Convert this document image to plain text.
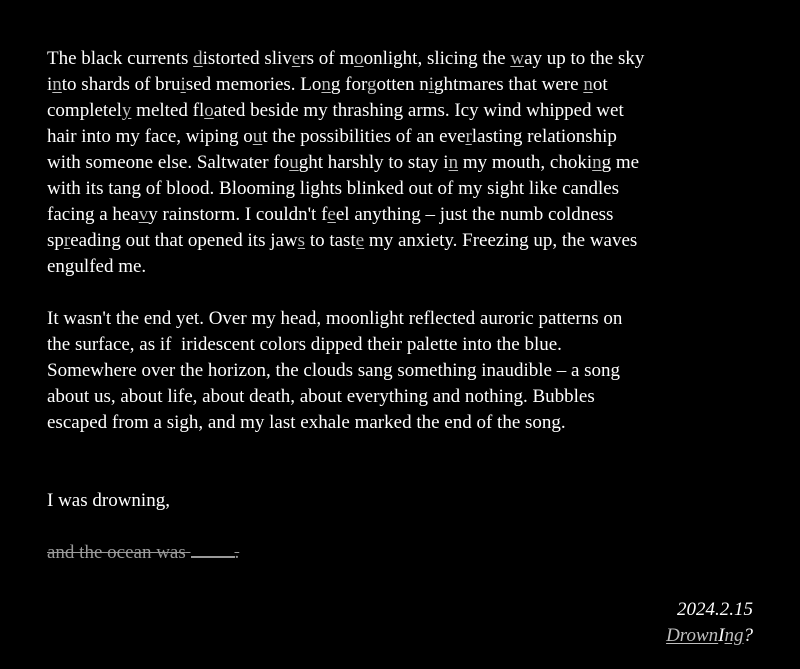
The black currents distorted slivers of moonlight, slicing the way up to the sky
into shards of bruised memories. Long forgotten nightmares that were not
completely melted floated beside my thrashing arms. Icy wind whipped wet
hair into my face, wiping out the possibilities of an everlasting relationship
with someone else. Saltwater fought harshly to stay in my mouth, choking me
with its tang of blood. Blooming lights blinked out of my sight like candles
facing a heavy rainstorm. I couldn't feel anything – just the numb coldness
spreading out that opened its jaws to taste my anxiety. Freezing up, the waves
engulfed me.

It wasn't the end yet. Over my head, moonlight reflected auroric patterns on
the surface, as if  iridescent colors dipped their palette into the blue.
Somewhere over the horizon, the clouds sang something inaudible – a song
about us, about life, about death, about everything and nothing. Bubbles
escaped from a sigh, and my last exhale marked the end of the song.

I was drowning,

and the ocean was	.

2024.2.15
DrownIng?
